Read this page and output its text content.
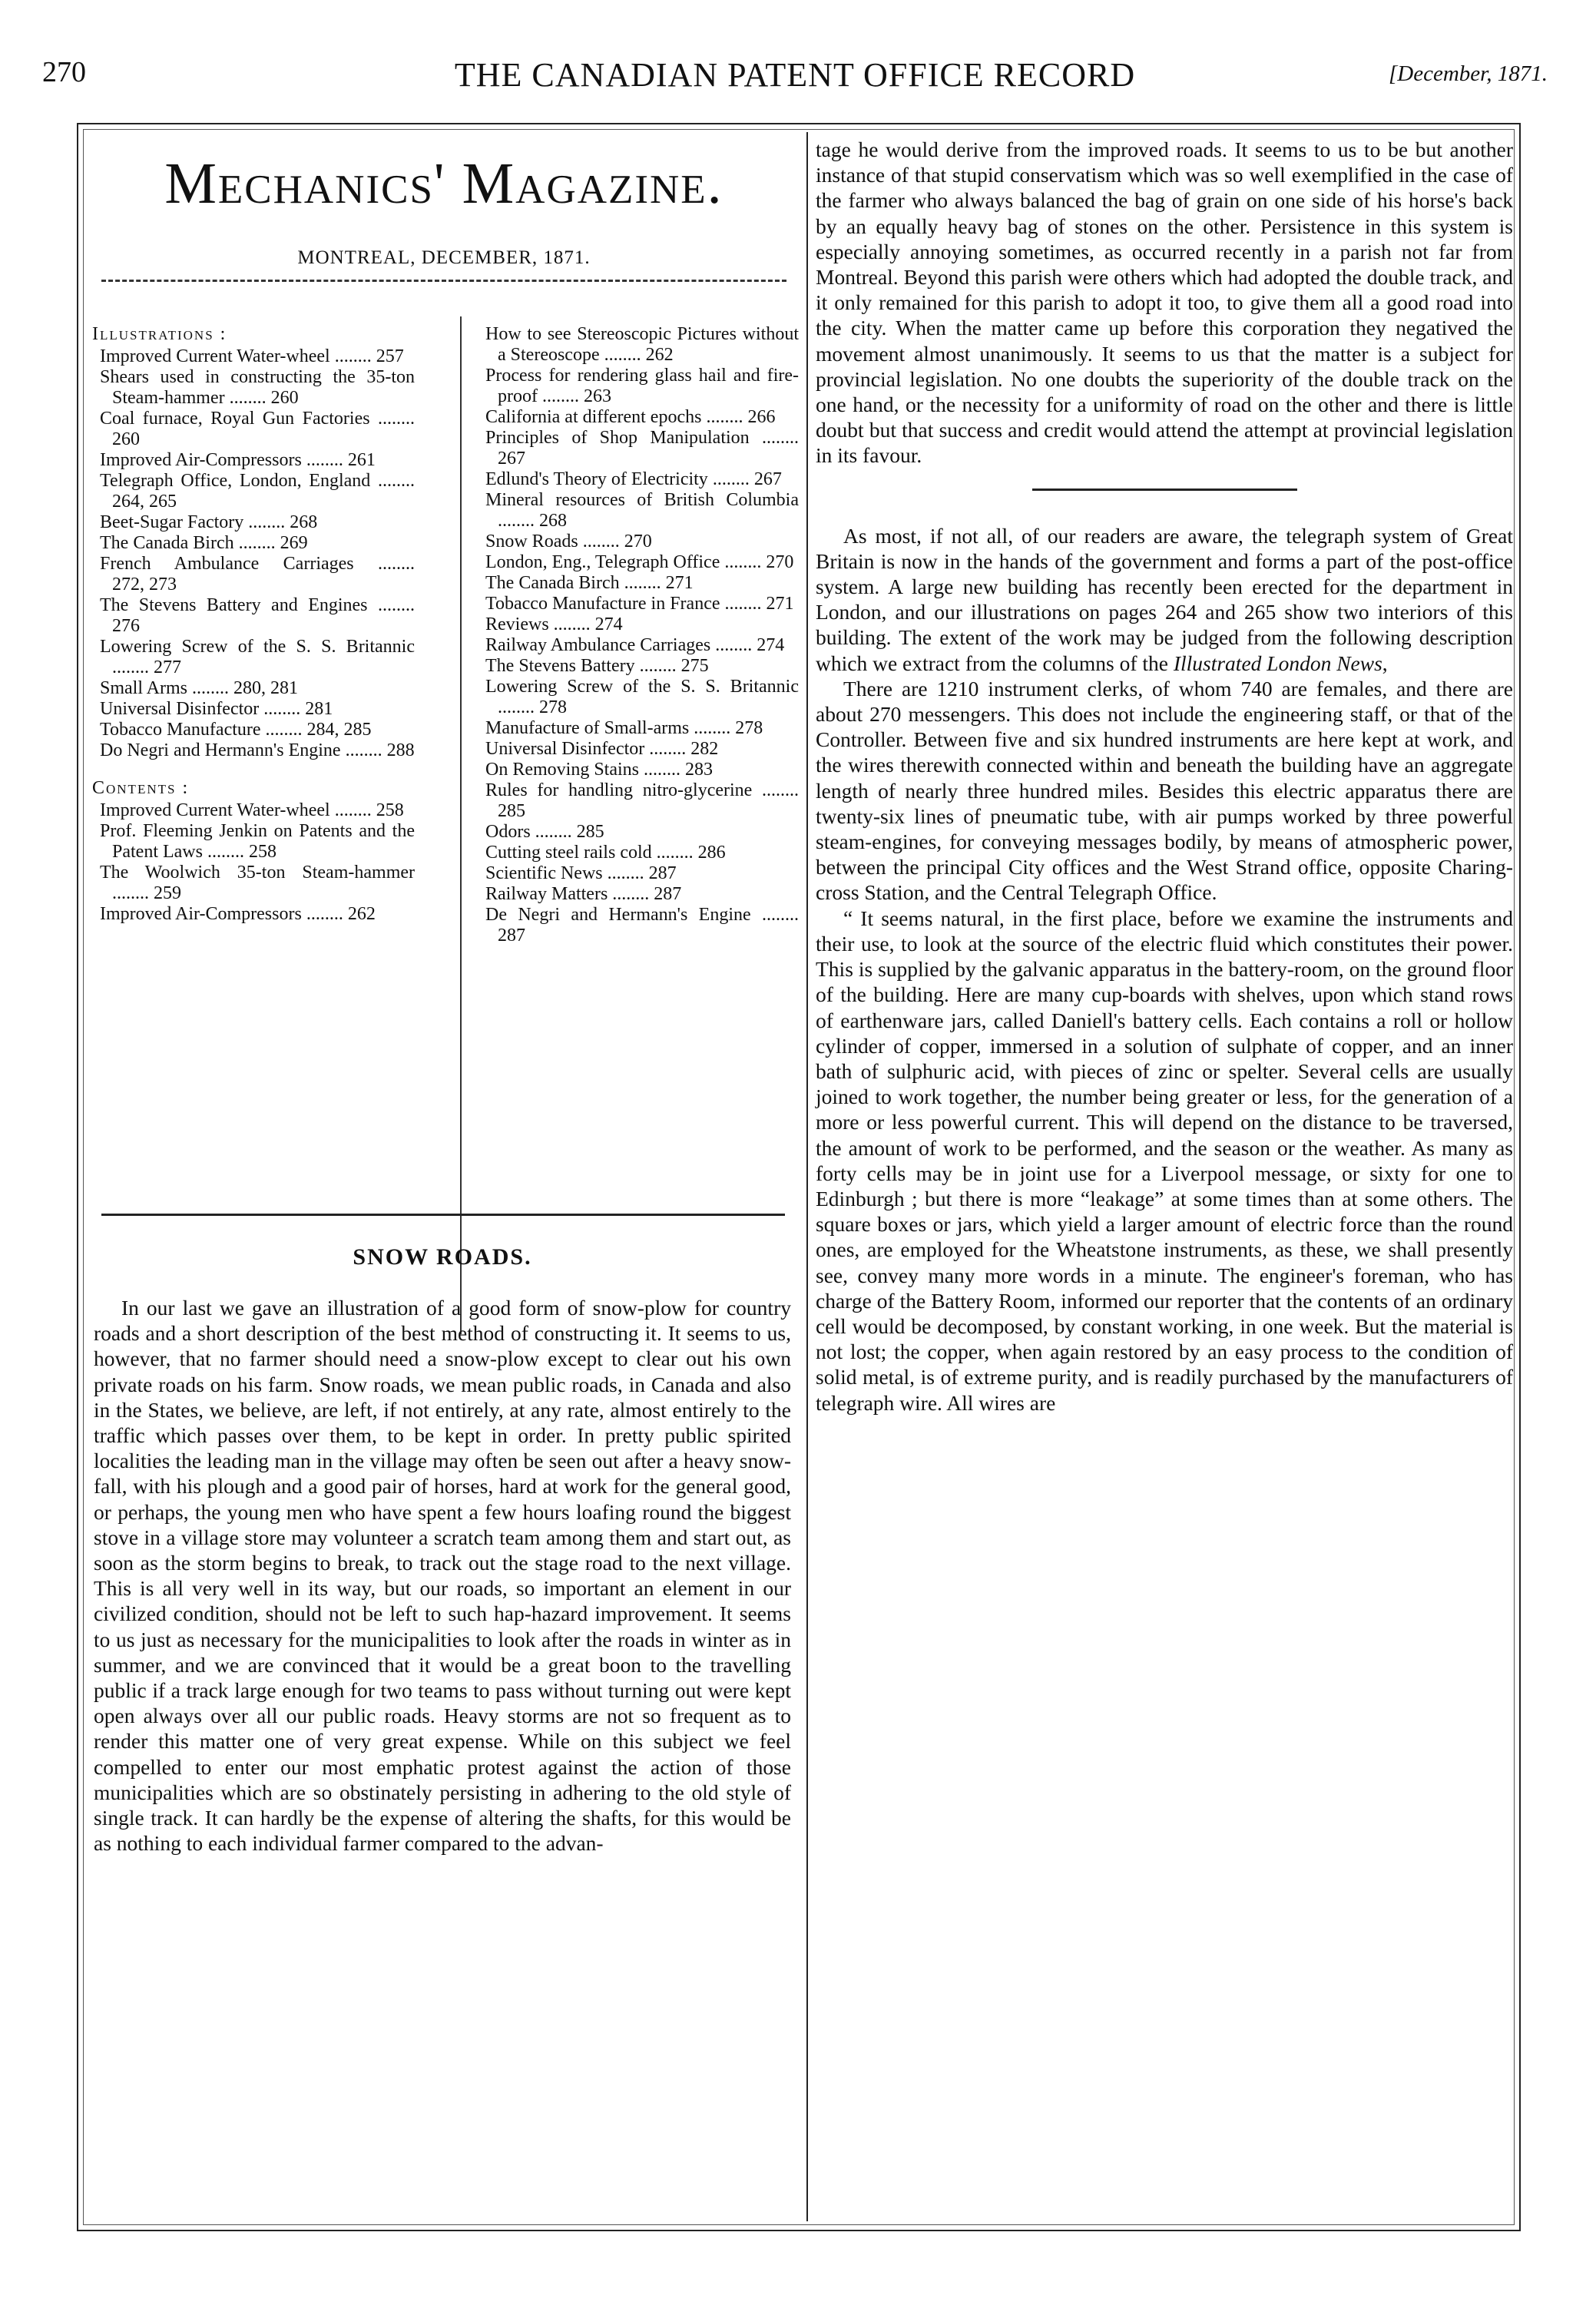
270	THE CANADIAN PATENT OFFICE RECORD	[December, 1871.
Mechanics' Magazine.
MONTREAL, DECEMBER, 1871.
Illustrations :
Improved Current Water-wheel ........ 257
Shears used in constructing the 35-ton Steam-hammer ........ 260
Coal furnace, Royal Gun Factories ........ 260
Improved Air-Compressors ........ 261
Telegraph Office, London, England ........ 264, 265
Beet-Sugar Factory ........ 268
The Canada Birch ........ 269
French Ambulance Carriages ........ 272, 273
The Stevens Battery and Engines ........ 276
Lowering Screw of the S. S. Britannic ........ 277
Small Arms ........ 280, 281
Universal Disinfector ........ 281
Tobacco Manufacture ........ 284, 285
Do Negri and Hermann's Engine ........ 288
Contents :
Improved Current Water-wheel ........ 258
Prof. Fleeming Jenkin on Patents and the Patent Laws ........ 258
The Woolwich 35-ton Steam-hammer ........ 259
Improved Air-Compressors ........ 262
How to see Stereoscopic Pictures without a Stereoscope ........ 262
Process for rendering glass hail and fire-proof ........ 263
California at different epochs ........ 266
Principles of Shop Manipulation ........ 267
Edlund's Theory of Electricity ........ 267
Mineral resources of British Columbia ........ 268
Snow Roads ........ 270
London, Eng., Telegraph Office ........ 270
The Canada Birch ........ 271
Tobacco Manufacture in France ........ 271
Reviews ........ 274
Railway Ambulance Carriages ........ 274
The Stevens Battery ........ 275
Lowering Screw of the S. S. Britannic ........ 278
Manufacture of Small-arms ........ 278
Universal Disinfector ........ 282
On Removing Stains ........ 283
Rules for handling nitro-glycerine ........ 285
Odors ........ 285
Cutting steel rails cold ........ 286
Scientific News ........ 287
Railway Matters ........ 287
De Negri and Hermann's Engine ........ 287
SNOW ROADS.

In our last we gave an illustration of a good form of snow-plow for country roads and a short description of the best method of constructing it. It seems to us, however, that no farmer should need a snow-plow except to clear out his own private roads on his farm. Snow roads, we mean public roads, in Canada and also in the States, we believe, are left, if not entirely, at any rate, almost entirely to the traffic which passes over them, to be kept in order. In pretty public spirited localities the leading man in the village may often be seen out after a heavy snow-fall, with his plough and a good pair of horses, hard at work for the general good, or perhaps, the young men who have spent a few hours loafing round the biggest stove in a village store may volunteer a scratch team among them and start out, as soon as the storm begins to break, to track out the stage road to the next village. This is all very well in its way, but our roads, so important an element in our civilized condition, should not be left to such hap-hazard improvement. It seems to us just as necessary for the municipalities to look after the roads in winter as in summer, and we are convinced that it would be a great boon to the travelling public if a track large enough for two teams to pass without turning out were kept open always over all our public roads. Heavy storms are not so frequent as to render this matter one of very great expense. While on this subject we feel compelled to enter our most emphatic protest against the action of those municipalities which are so obstinately persisting in adhering to the old style of single track. It can hardly be the expense of altering the shafts, for this would be as nothing to each individual farmer compared to the advan-

tage he would derive from the improved roads. It seems to us to be but another instance of that stupid conservatism which was so well exemplified in the case of the farmer who always balanced the bag of grain on one side of his horse's back by an equally heavy bag of stones on the other. Persistence in this system is especially annoying sometimes, as occurred recently in a parish not far from Montreal. Beyond this parish were others which had adopted the double track, and it only remained for this parish to adopt it too, to give them all a good road into the city. When the matter came up before this corporation they negatived the movement almost unanimously. It seems to us that the matter is a subject for provincial legislation. No one doubts the superiority of the double track on the one hand, or the necessity for a uniformity of road on the other and there is little doubt but that success and credit would attend the attempt at provincial legislation in its favour.

As most, if not all, of our readers are aware, the telegraph system of Great Britain is now in the hands of the government and forms a part of the post-office system. A large new building has recently been erected for the department in London, and our illustrations on pages 264 and 265 show two interiors of this building. The extent of the work may be judged from the following description which we extract from the columns of the Illustrated London News,

There are 1210 instrument clerks, of whom 740 are females, and there are about 270 messengers. This does not include the engineering staff, or that of the Controller. Between five and six hundred instruments are here kept at work, and the wires therewith connected within and beneath the building have an aggregate length of nearly three hundred miles. Besides this electric apparatus there are twenty-six lines of pneumatic tube, with air pumps worked by three powerful steam-engines, for conveying messages bodily, by means of atmospheric power, between the principal City offices and the West Strand office, opposite Charing-cross Station, and the Central Telegraph Office.

“ It seems natural, in the first place, before we examine the instruments and their use, to look at the source of the electric fluid which constitutes their power. This is supplied by the galvanic apparatus in the battery-room, on the ground floor of the building. Here are many cup-boards with shelves, upon which stand rows of earthenware jars, called Daniell's battery cells. Each contains a roll or hollow cylinder of copper, immersed in a solution of sulphate of copper, and an inner bath of sulphuric acid, with pieces of zinc or spelter. Several cells are usually joined to work together, the number being greater or less, for the generation of a more or less powerful current. This will depend on the distance to be traversed, the amount of work to be performed, and the season or the weather. As many as forty cells may be in joint use for a Liverpool message, or sixty for one to Edinburgh ; but there is more “leakage” at some times than at some others. The square boxes or jars, which yield a larger amount of electric force than the round ones, are employed for the Wheatstone instruments, as these, we shall presently see, convey many more words in a minute. The engineer's foreman, who has charge of the Battery Room, informed our reporter that the contents of an ordinary cell would be decomposed, by constant working, in one week. But the material is not lost; the copper, when again restored by an easy process to the condition of solid metal, is of extreme purity, and is readily purchased by the manufacturers of telegraph wire. All wires are
